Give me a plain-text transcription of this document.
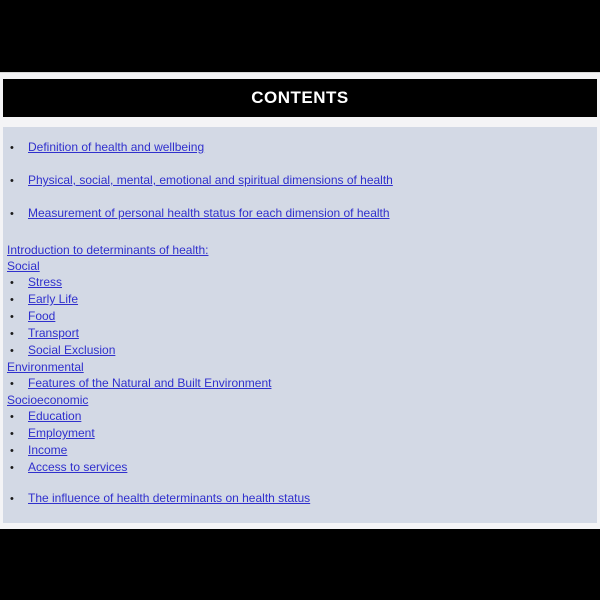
CONTENTS
•	Definition of health and wellbeing
•	Physical, social, mental, emotional and spiritual dimensions of health
•	Measurement of personal health status for each dimension of health
Introduction to determinants of health:
Social
•	Stress
•	Early Life
•	Food
•	Transport
•	Social Exclusion
Environmental
•	Features of the Natural and Built Environment
Socioeconomic
•	Education
•	Employment
•	Income
•	Access to services
•	The influence of health determinants on health status
